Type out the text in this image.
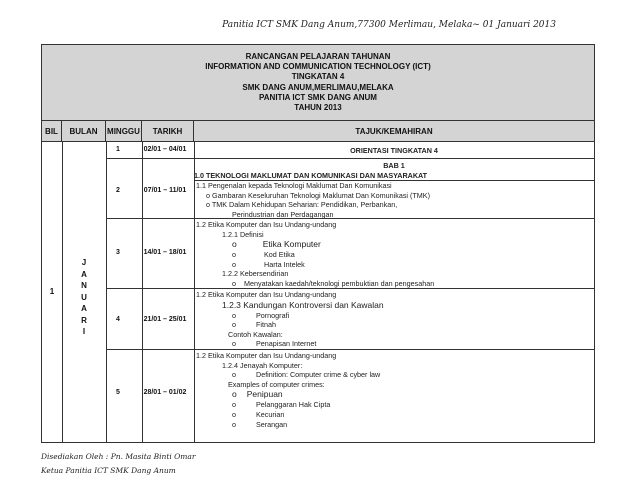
Panitia ICT SMK Dang Anum,77300 Merlimau, Melaka~ 01 Januari 2013
RANCANGAN PELAJARAN TAHUNAN
INFORMATION AND COMMUNICATION TECHNOLOGY (ICT)
TINGKATAN 4
SMK DANG ANUM,MERLIMAU,MELAKA
PANITIA ICT SMK DANG ANUM
TAHUN 2013
BIL	BULAN	MINGGU	TARIKH	TAJUK/KEMAHIRAN
1
J
A
N
U
A
R
I
1	02/01 – 04/01	ORIENTASI TINGKATAN 4
2	07/01 – 11/01
BAB 1
1.0 TEKNOLOGI MAKLUMAT DAN KOMUNIKASI DAN MASYARAKAT
1.1 Pengenalan kepada Teknologi Maklumat Dan Komunikasi
o Gambaran Keseluruhan Teknologi Maklumat Dan Komunikasi (TMK)
o TMK Dalam Kehidupan Seharian: Pendidikan, Perbankan,
Perindustrian dan Perdagangan
3	14/01 – 18/01
1.2 Etika Komputer dan Isu Undang-undang
1.2.1 Definisi
o	Etika Komputer
o	Kod Etika
o	Harta Intelek
1.2.2 Kebersendirian
o Menyatakan kaedah/teknologi pembuktian dan pengesahan
4	21/01 – 25/01
1.2 Etika Komputer dan Isu Undang-undang
1.2.3 Kandungan Kontroversi dan Kawalan
o	Pornografi
o	Fitnah
Contoh Kawalan:
o	Penapisan Internet
5	28/01 – 01/02
1.2 Etika Komputer dan Isu Undang-undang
1.2.4 Jenayah Komputer:
o	Definition: Computer crime & cyber law
Examples of computer crimes:
o Penipuan
o	Pelanggaran Hak Cipta
o	Kecurian
o	Serangan
Disediakan Oleh : Pn. Masita Binti Omar
Ketua Panitia ICT SMK Dang Anum
